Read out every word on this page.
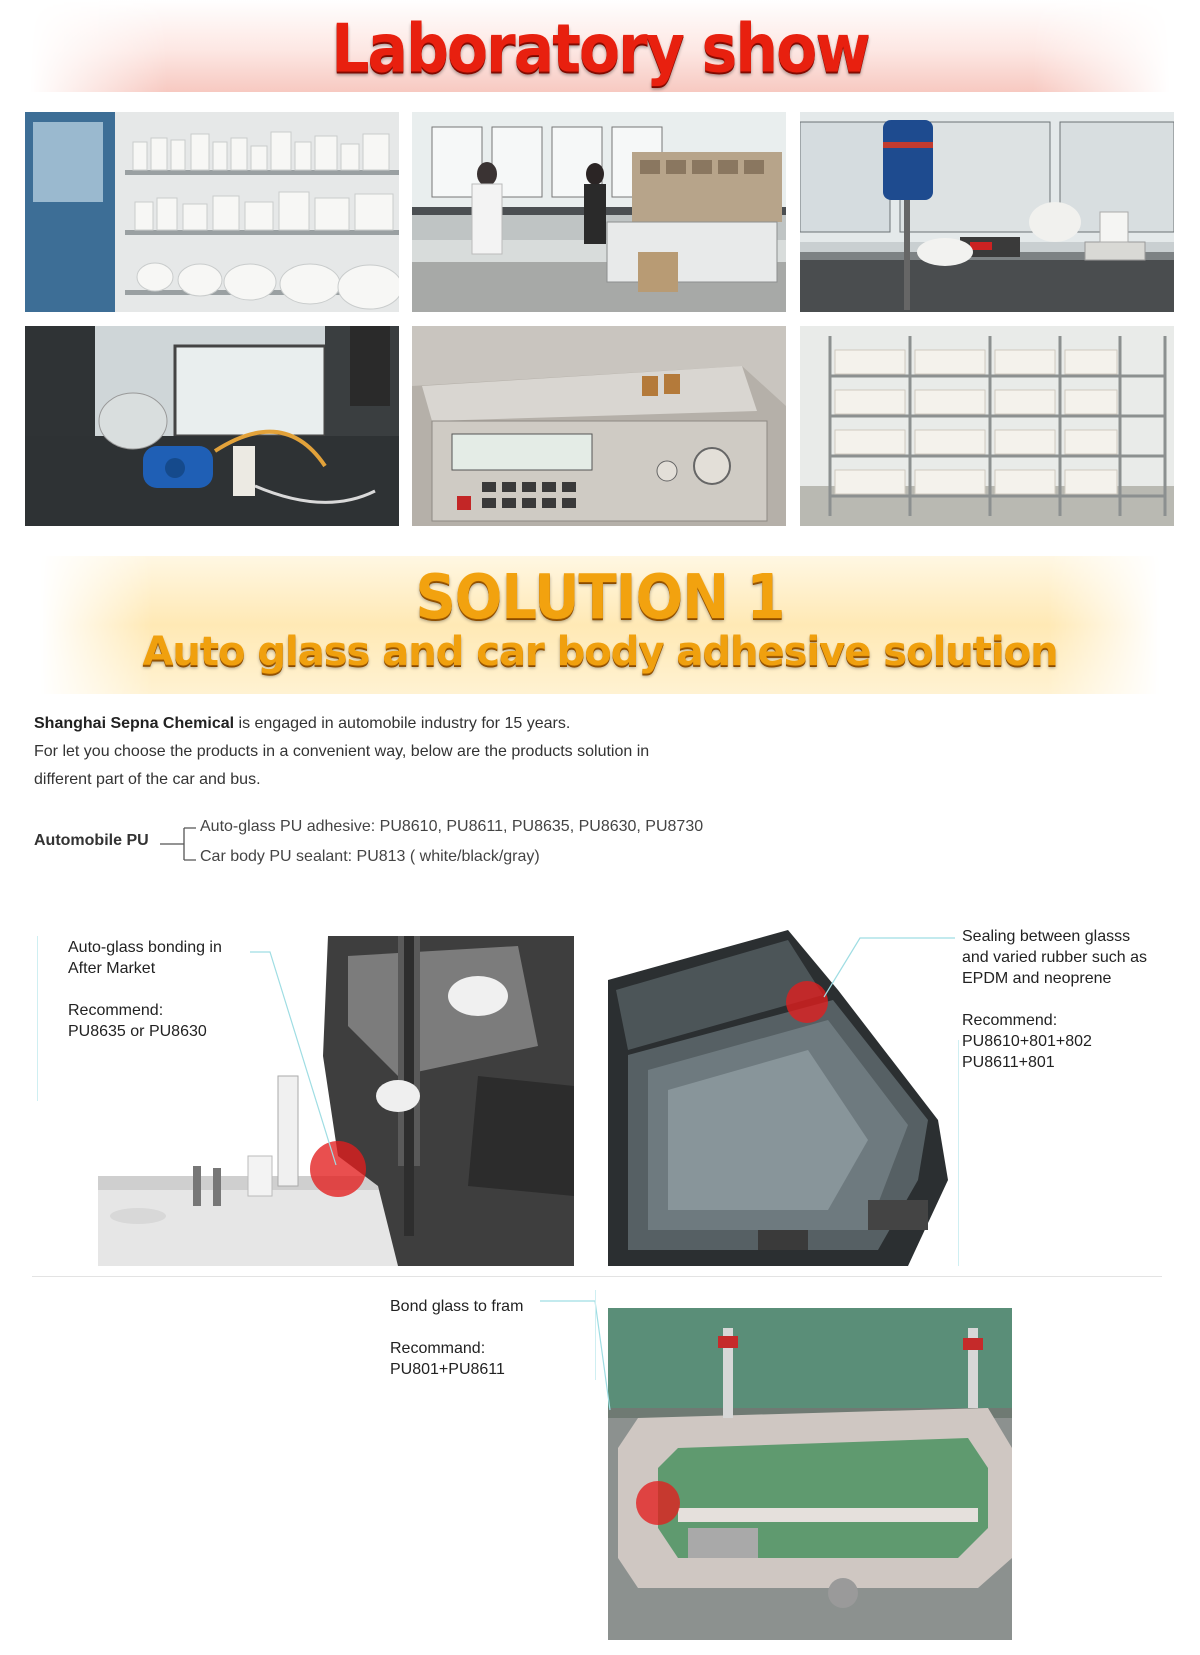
Laboratory show
SOLUTION 1
Auto glass and car body adhesive solution
Shanghai Sepna Chemical is engaged in automobile industry for 15 years.
For let you choose the products in a convenient way, below are the products solution in
different part of the car and bus.
Automobile PU
Auto-glass PU adhesive: PU8610, PU8611, PU8635, PU8630, PU8730
Car body PU sealant: PU813 ( white/black/gray)
Auto-glass bonding in
After Market

Recommend:
PU8635 or PU8630
Sealing between glasss
and varied rubber such as
EPDM and neoprene

Recommend:
PU8610+801+802
PU8611+801
Bond glass to fram

Recommand:
PU801+PU8611
